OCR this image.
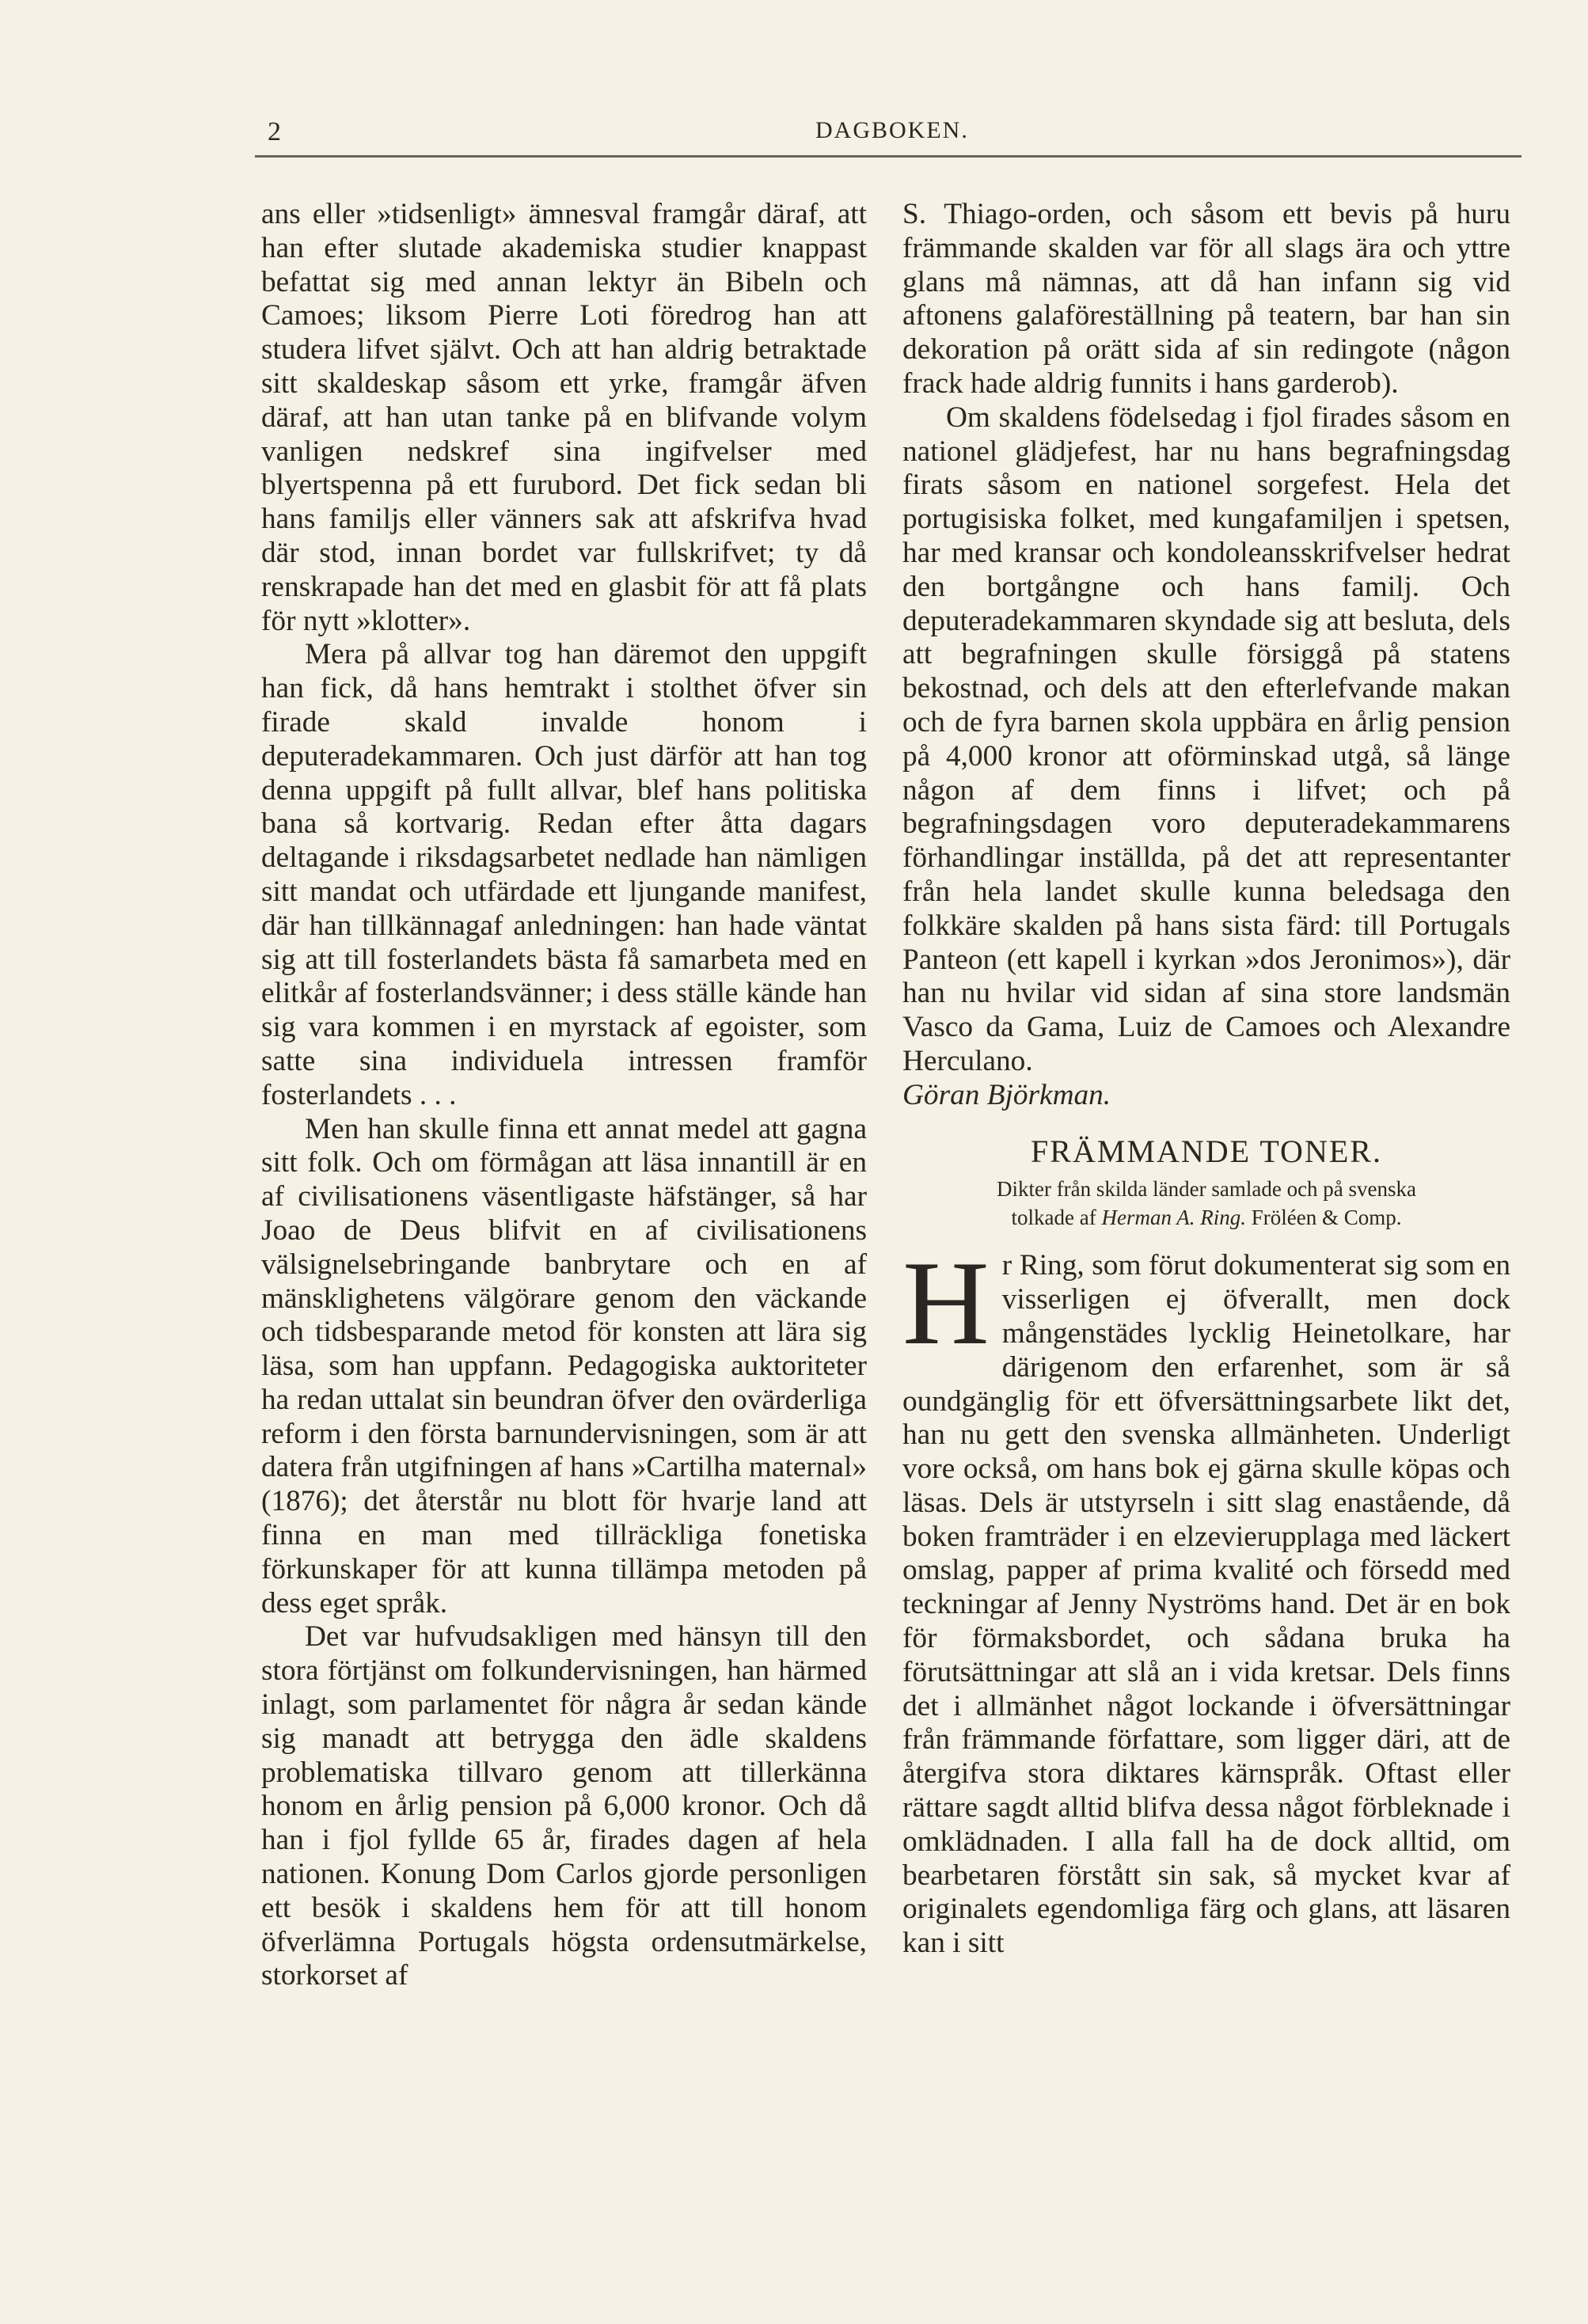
2	DAGBOKEN.

ans eller »tidsenligt» ämnesval framgår däraf, att han efter slutade akademiska studier knappast befattat sig med annan lektyr än Bibeln och Camoes; liksom Pierre Loti föredrog han att studera lifvet självt. Och att han aldrig betraktade sitt skaldeskap såsom ett yrke, framgår äfven däraf, att han utan tanke på en blifvande volym vanligen nedskref sina ingifvelser med blyertspenna på ett furubord. Det fick sedan bli hans familjs eller vänners sak att afskrifva hvad där stod, innan bordet var fullskrifvet; ty då renskrapade han det med en glasbit för att få plats för nytt »klotter».

Mera på allvar tog han däremot den uppgift han fick, då hans hemtrakt i stolthet öfver sin firade skald invalde honom i deputeradekammaren. Och just därför att han tog denna uppgift på fullt allvar, blef hans politiska bana så kortvarig. Redan efter åtta dagars deltagande i riksdagsarbetet nedlade han nämligen sitt mandat och utfärdade ett ljungande manifest, där han tillkännagaf anledningen: han hade väntat sig att till fosterlandets bästa få samarbeta med en elitkår af fosterlandsvänner; i dess ställe kände han sig vara kommen i en myrstack af egoister, som satte sina individuela intressen framför fosterlandets . . .

Men han skulle finna ett annat medel att gagna sitt folk. Och om förmågan att läsa innantill är en af civilisationens väsentligaste häfstänger, så har Joao de Deus blifvit en af civilisationens välsignelsebringande banbrytare och en af mänsklighetens välgörare genom den väckande och tidsbesparande metod för konsten att lära sig läsa, som han uppfann. Pedagogiska auktoriteter ha redan uttalat sin beundran öfver den ovärderliga reform i den första barnundervisningen, som är att datera från utgifningen af hans »Cartilha maternal» (1876); det återstår nu blott för hvarje land att finna en man med tillräckliga fonetiska förkunskaper för att kunna tillämpa metoden på dess eget språk.

Det var hufvudsakligen med hänsyn till den stora förtjänst om folkundervisningen, han härmed inlagt, som parlamentet för några år sedan kände sig manadt att betrygga den ädle skaldens problematiska tillvaro genom att tillerkänna honom en årlig pension på 6,000 kronor. Och då han i fjol fyllde 65 år, firades dagen af hela nationen. Konung Dom Carlos gjorde personligen ett besök i skaldens hem för att till honom öfverlämna Portugals högsta ordensutmärkelse, storkorset af

S. Thiago-orden, och såsom ett bevis på huru främmande skalden var för all slags ära och yttre glans må nämnas, att då han infann sig vid aftonens galaföreställning på teatern, bar han sin dekoration på orätt sida af sin redingote (någon frack hade aldrig funnits i hans garderob).

Om skaldens födelsedag i fjol firades såsom en nationel glädjefest, har nu hans begrafningsdag firats såsom en nationel sorgefest. Hela det portugisiska folket, med kungafamiljen i spetsen, har med kransar och kondoleansskrifvelser hedrat den bortgångne och hans familj. Och deputeradekammaren skyndade sig att besluta, dels att begrafningen skulle försiggå på statens bekostnad, och dels att den efterlefvande makan och de fyra barnen skola uppbära en årlig pension på 4,000 kronor att oförminskad utgå, så länge någon af dem finns i lifvet; och på begrafningsdagen voro deputeradekammarens förhandlingar inställda, på det att representanter från hela landet skulle kunna beledsaga den folkkäre skalden på hans sista färd: till Portugals Panteon (ett kapell i kyrkan »dos Jeronimos»), där han nu hvilar vid sidan af sina store landsmän Vasco da Gama, Luiz de Camoes och Alexandre Herculano.

Göran Björkman.

FRÄMMANDE TONER.
Dikter från skilda länder samlade och på svenska
tolkade af Herman A. Ring. Fröléen & Comp.

H r Ring, som förut dokumenterat sig som en visserligen ej öfverallt, men dock mångenstädes lycklig Heinetolkare, har därigenom den erfarenhet, som är så oundgänglig för ett öfversättningsarbete likt det, han nu gett den svenska allmänheten. Underligt vore också, om hans bok ej gärna skulle köpas och läsas. Dels är utstyrseln i sitt slag enastående, då boken framträder i en elzevierupplaga med läckert omslag, papper af prima kvalité och försedd med teckningar af Jenny Nyströms hand. Det är en bok för förmaksbordet, och sådana bruka ha förutsättningar att slå an i vida kretsar. Dels finns det i allmänhet något lockande i öfversättningar från främmande författare, som ligger däri, att de återgifva stora diktares kärnspråk. Oftast eller rättare sagdt alltid blifva dessa något förbleknade i omklädnaden. I alla fall ha de dock alltid, om bearbetaren förstått sin sak, så mycket kvar af originalets egendomliga färg och glans, att läsaren kan i sitt
